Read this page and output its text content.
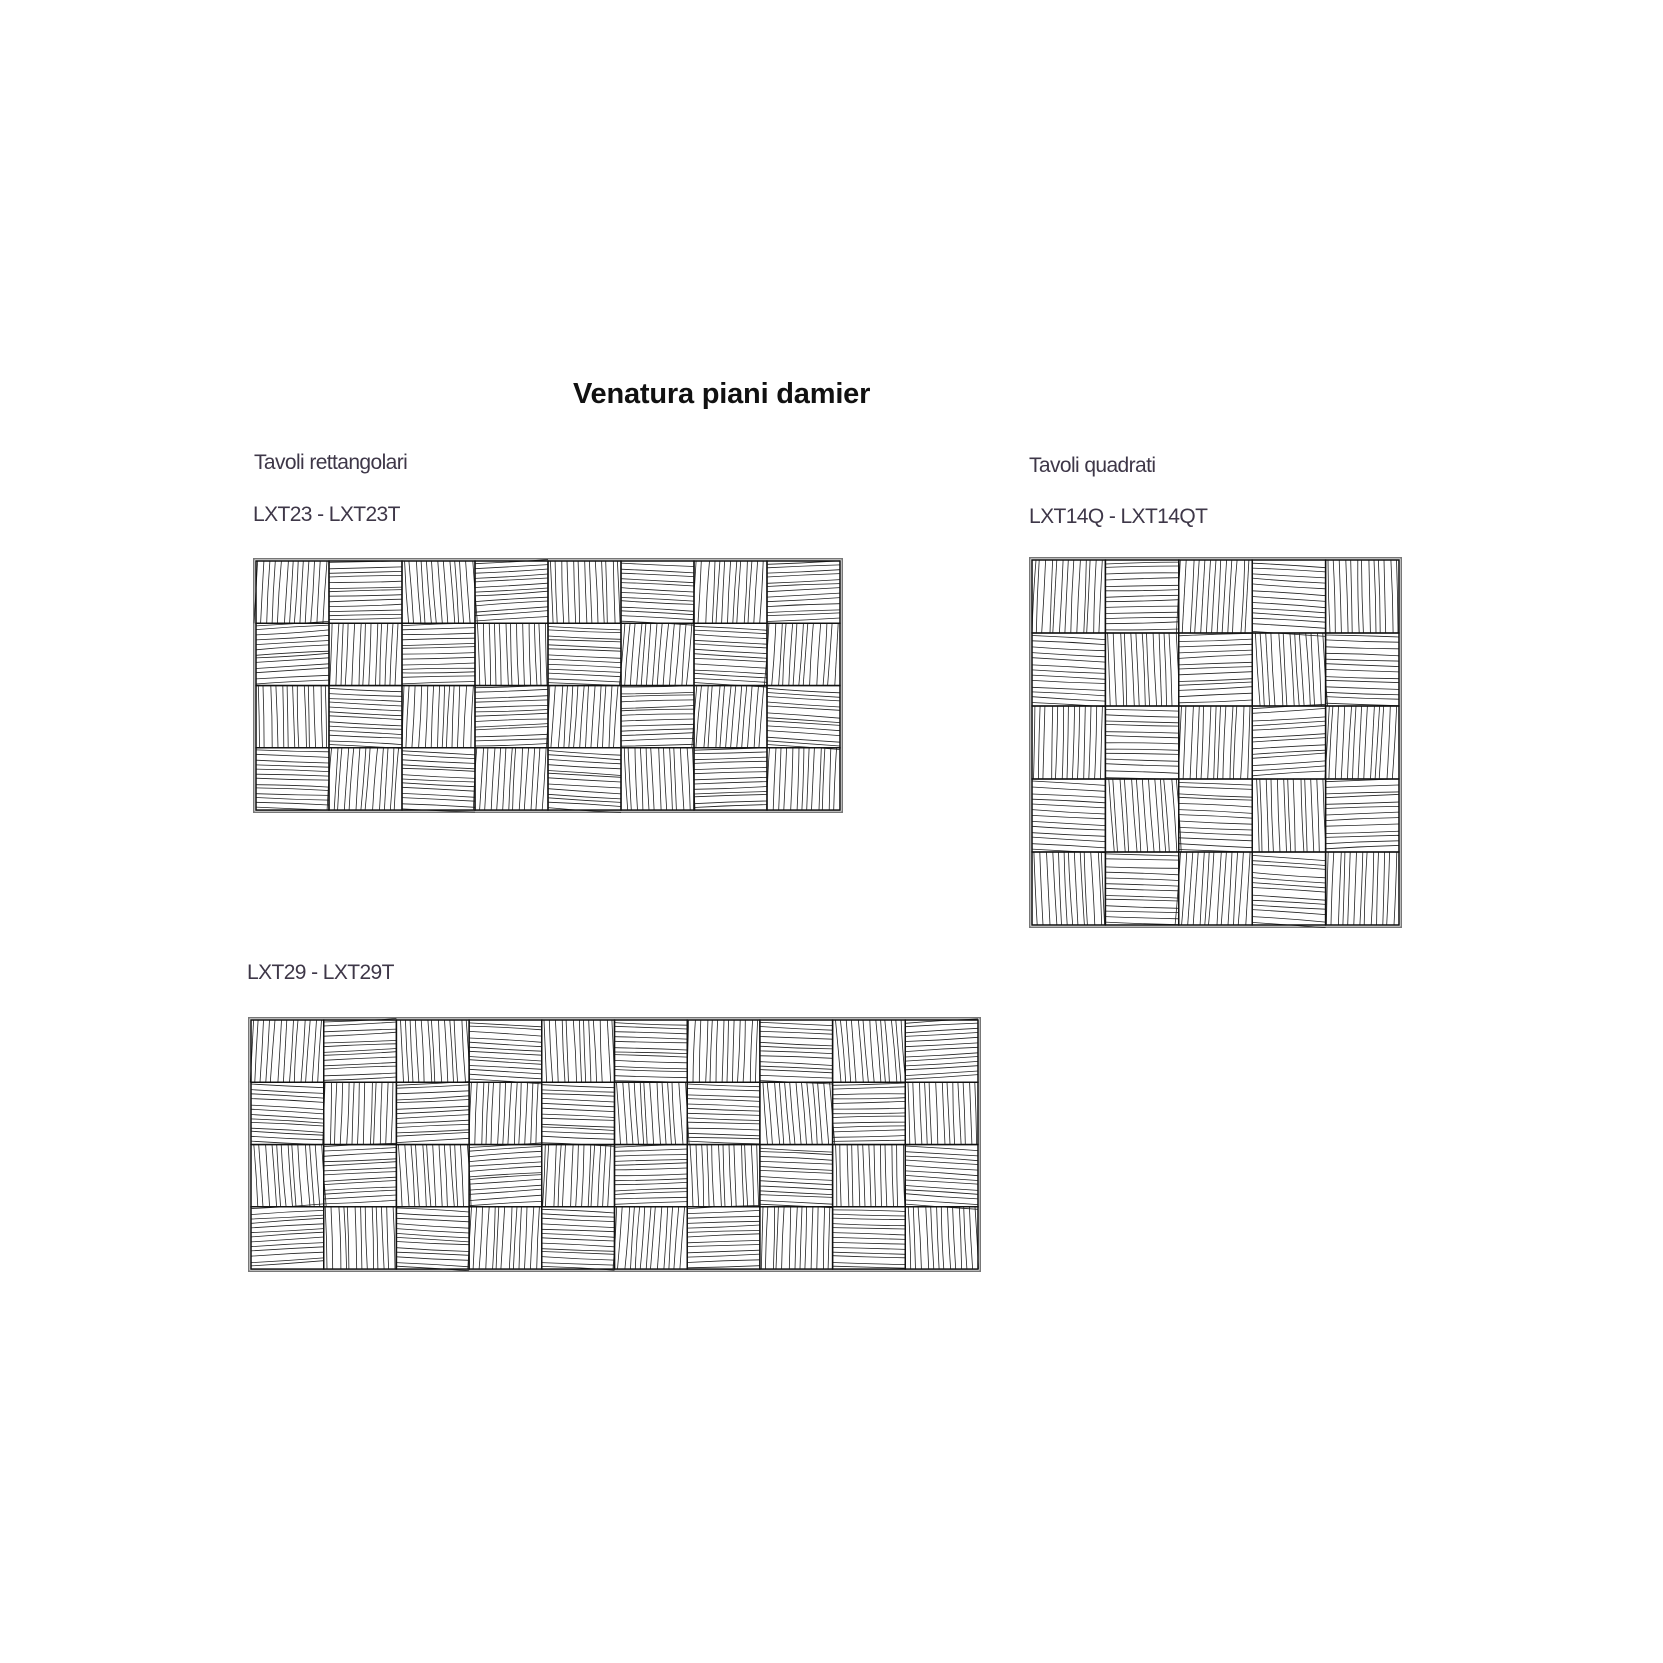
Venatura piani damier
Tavoli rettangolari
LXT23 - LXT23T
Tavoli quadrati
LXT14Q - LXT14QT
LXT29 - LXT29T
